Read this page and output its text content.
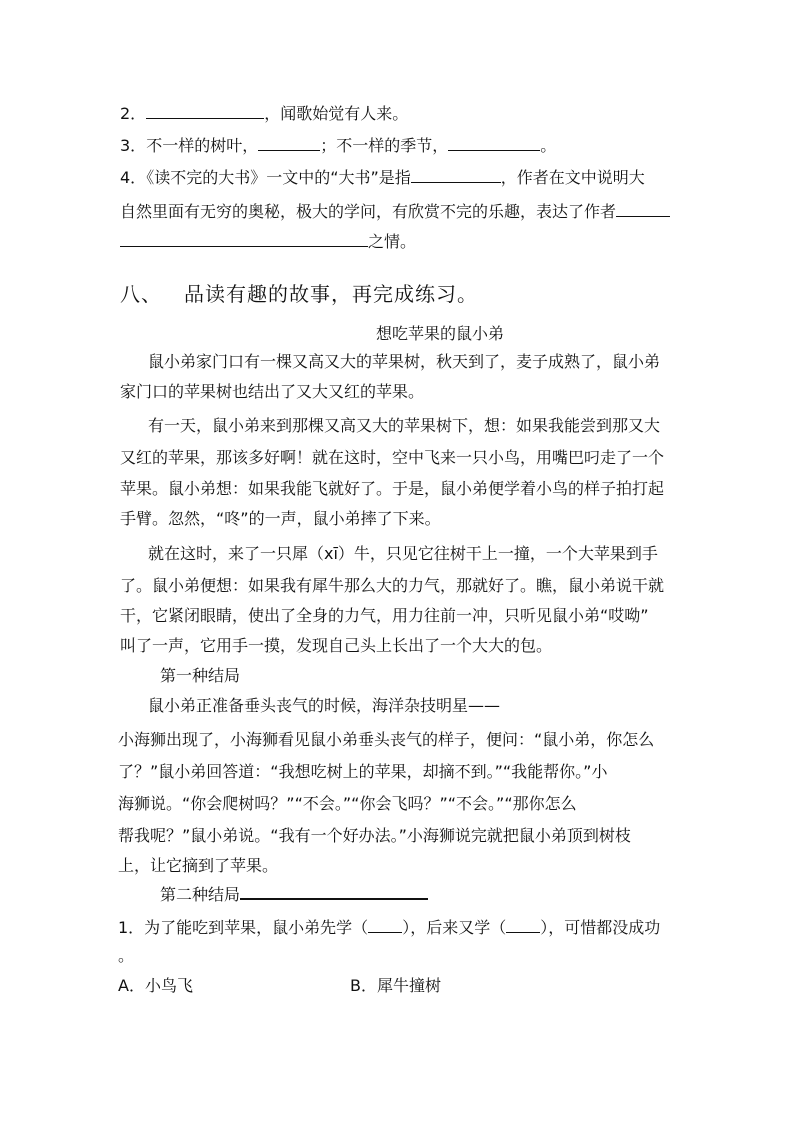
2．	，闻歌始觉有人来。
3．不一样的树叶，	；不一样的季节，	。
4．《读不完的大书》一文中的“大书”是指	，作者在文中说明大
自然里面有无穷的奥秘，极大的学问，有欣赏不完的乐趣，表达了作者
之情。
八、 品读有趣的故事，再完成练习。
想吃苹果的鼠小弟
鼠小弟家门口有一棵又高又大的苹果树，秋天到了，麦子成熟了，鼠小弟
家门口的苹果树也结出了又大又红的苹果。
有一天，鼠小弟来到那棵又高又大的苹果树下，想：如果我能尝到那又大
又红的苹果，那该多好啊！就在这时，空中飞来一只小鸟，用嘴巴叼走了一个
苹果。鼠小弟想：如果我能飞就好了。于是，鼠小弟便学着小鸟的样子拍打起
手臂。忽然，“咚”的一声，鼠小弟摔了下来。
就在这时，来了一只犀（xī）牛，只见它往树干上一撞，一个大苹果到手
了。鼠小弟便想：如果我有犀牛那么大的力气，那就好了。瞧，鼠小弟说干就
干，它紧闭眼睛，使出了全身的力气，用力往前一冲，只听见鼠小弟“哎呦”
叫了一声，它用手一摸，发现自己头上长出了一个大大的包。
第一种结局
鼠小弟正准备垂头丧气的时候，海洋杂技明星——
小海狮出现了，小海狮看见鼠小弟垂头丧气的样子，便问：“鼠小弟，你怎么
了？”鼠小弟回答道：“我想吃树上的苹果，却摘不到。”“我能帮你。”小
海狮说。“你会爬树吗？”“不会。”“你会飞吗？”“不会。”“那你怎么
帮我呢？”鼠小弟说。“我有一个好办法。”小海狮说完就把鼠小弟顶到树枝
上，让它摘到了苹果。
第二种结局
1．为了能吃到苹果，鼠小弟先学（ ），后来又学（ ），可惜都没成功
。
A．小鸟飞	B．犀牛撞树
